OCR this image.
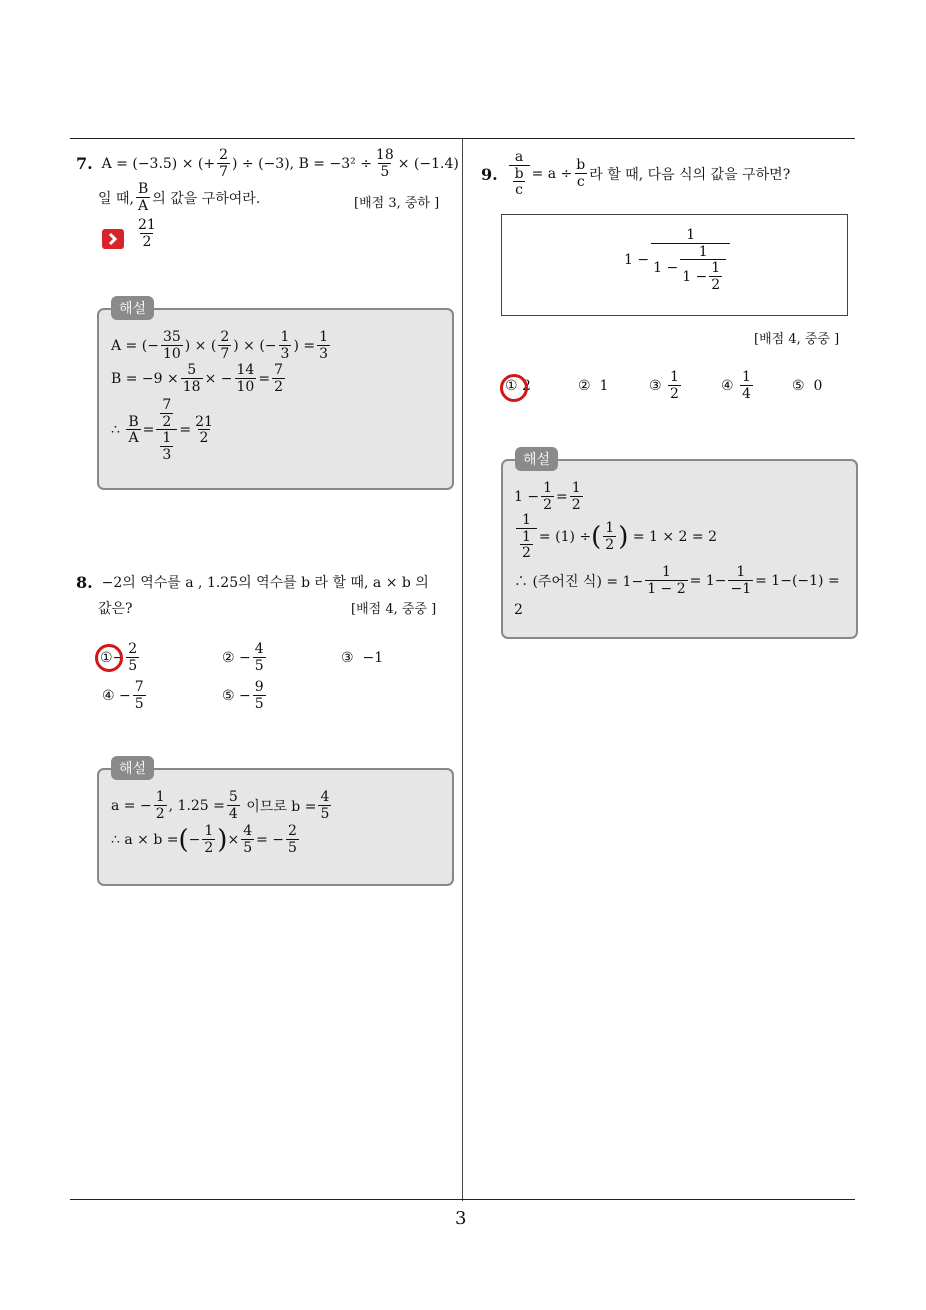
3
7.
A = (−3.5) × (+ $\frac{2}{7}$ ) ÷ (−3), $B = -3^2 \div \frac{18}{5} \times (-1.4)$
일 때, $\frac{B}{A}$ 의 값을 구하여라.	[배점 3, 중하 ]
$\frac{21}{2}$
해설
A = (− $\frac{35}{10}$ ) × ( $\frac{2}{7}$ ) × (− $\frac{1}{3}$ ) = $\frac{1}{3}$
$B = -9 \times \frac{5}{18}$ × − $\frac{14}{10} = \frac{7}{2}$
∴
$\frac{B}{A} = \frac{\frac{7}{2}}{\frac{1}{3}} = \frac{21}{2}$
8.
−2의 역수를 a , 1.25의 역수를 b 라 할 때, a × b 의
값은?	[배점 4, 중중 ]
① − $\frac{2}{5}$	②
− $\frac{4}{5}$	③
−1
④
− $\frac{7}{5}$	⑤
− $\frac{9}{5}$
해설
a = − $\frac{1}{2}$ , $1.25 = \frac{5}{4}$
이므로 $b = \frac{4}{5}$
∴ a × b = ( − $\frac{1}{2}$ ) × $\frac{4}{5}$ = − $\frac{2}{5}$
9.
$\frac{a}{\frac{b}{c}} = a \div \frac{b}{c}$ 라 할 때, 다음 식의 값을 구하면?
$1 - \frac{1}{1 - \frac{1}{1 - \frac{1}{2}}}$
[배점 4, 중중 ]
①
2	②
1	③
$\frac{1}{2}$	④
$\frac{1}{4}$	⑤
0
해설
$1 - \frac{1}{2} = \frac{1}{2}$
$\frac{1}{\frac{1}{2}} = (1)$ ÷ ( $\frac{1}{2}$ )
= 1 × 2 = 2
∴ (주어진 식) = $1- \frac{1}{1 - 2} = 1- \frac{1}{-1} = 1-(-1)$ =
2
